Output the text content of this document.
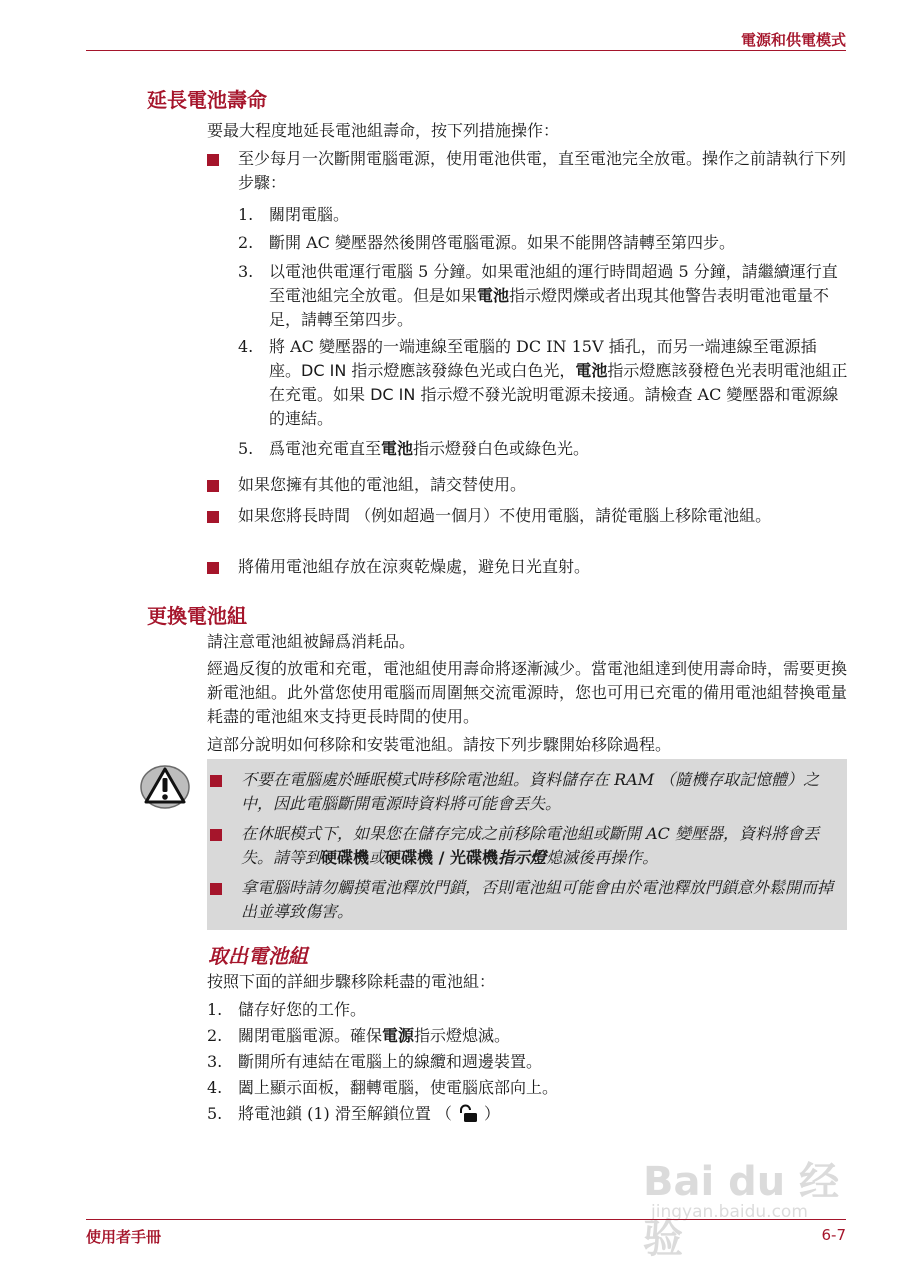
電源和供電模式
延長電池壽命
要最大程度地延長電池組壽命，按下列措施操作：
至少每月一次斷開電腦電源，使用電池供電，直至電池完全放電。操作之前請執行下列步驟：
1. 關閉電腦。
2. 斷開 AC 變壓器然後開啓電腦電源。如果不能開啓請轉至第四步。
3. 以電池供電運行電腦 5 分鐘。如果電池組的運行時間超過 5 分鐘，請繼續運行直至電池組完全放電。但是如果電池指示燈閃爍或者出現其他警告表明電池電量不足，請轉至第四步。
4. 將 AC 變壓器的一端連線至電腦的 DC IN 15V 插孔，而另一端連線至電源插座。DC IN 指示燈應該發綠色光或白色光，電池指示燈應該發橙色光表明電池組正在充電。如果 DC IN 指示燈不發光說明電源未接通。請檢查 AC 變壓器和電源線的連結。
5. 爲電池充電直至電池指示燈發白色或綠色光。
如果您擁有其他的電池組，請交替使用。
如果您將長時間 （例如超過一個月）不使用電腦，請從電腦上移除電池組。
將備用電池組存放在涼爽乾燥處，避免日光直射。
更換電池組
請注意電池組被歸爲消耗品。
經過反復的放電和充電，電池組使用壽命將逐漸減少。當電池組達到使用壽命時，需要更換新電池組。此外當您使用電腦而周圍無交流電源時，您也可用已充電的備用電池組替換電量耗盡的電池組來支持更長時間的使用。
這部分說明如何移除和安裝電池組。請按下列步驟開始移除過程。
不要在電腦處於睡眠模式時移除電池組。資料儲存在 RAM （隨機存取記憶體）之中，因此電腦斷開電源時資料將可能會丟失。
在休眠模式下，如果您在儲存完成之前移除電池組或斷開 AC 變壓器，資料將會丟失。請等到硬碟機或硬碟機 / 光碟機指示燈熄滅後再操作。
拿電腦時請勿觸摸電池釋放門鎖，否則電池組可能會由於電池釋放門鎖意外鬆開而掉出並導致傷害。
取出電池組
按照下面的詳細步驟移除耗盡的電池組：
1. 儲存好您的工作。
2. 關閉電腦電源。確保電源指示燈熄滅。
3. 斷開所有連結在電腦上的線纜和週邊裝置。
4. 闔上顯示面板，翻轉電腦，使電腦底部向上。
5. 將電池鎖 (1) 滑至解鎖位置 （ ）
Bai du 经验
jingyan.baidu.com
使用者手冊	6-7
